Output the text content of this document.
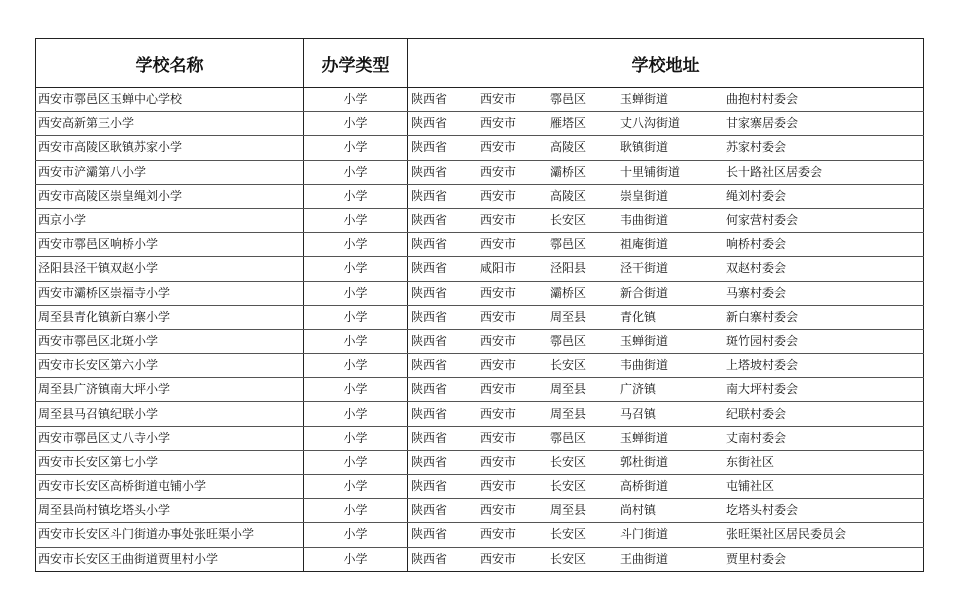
学校名称	办学类型	学校地址
西安市鄠邑区玉蝉中心学校	小学	陕西省 西安市 鄠邑区 玉蝉街道 曲抱村村委会

西安高新第三小学	小学	陕西省 西安市 雁塔区 丈八沟街道 甘家寨居委会

西安市高陵区耿镇苏家小学	小学	陕西省 西安市 高陵区 耿镇街道 苏家村委会

西安市浐灞第八小学	小学	陕西省 西安市 灞桥区 十里铺街道 长十路社区居委会

西安市高陵区崇皇绳刘小学	小学	陕西省 西安市 高陵区 崇皇街道 绳刘村委会

西京小学	小学	陕西省 西安市 长安区 韦曲街道 何家营村委会

西安市鄠邑区响桥小学	小学	陕西省 西安市 鄠邑区 祖庵街道 响桥村委会

泾阳县泾干镇双赵小学	小学	陕西省 咸阳市 泾阳县 泾干街道 双赵村委会

西安市灞桥区崇福寺小学	小学	陕西省 西安市 灞桥区 新合街道 马寨村委会

周至县青化镇新白寨小学	小学	陕西省 西安市 周至县 青化镇 新白寨村委会

西安市鄠邑区北斑小学	小学	陕西省 西安市 鄠邑区 玉蝉街道 斑竹园村委会

西安市长安区第六小学	小学	陕西省 西安市 长安区 韦曲街道 上塔坡村委会

周至县广济镇南大坪小学	小学	陕西省 西安市 周至县 广济镇 南大坪村委会

周至县马召镇纪联小学	小学	陕西省 西安市 周至县 马召镇 纪联村委会

西安市鄠邑区丈八寺小学	小学	陕西省 西安市 鄠邑区 玉蝉街道 丈南村委会

西安市长安区第七小学	小学	陕西省 西安市 长安区 郭杜街道 东街社区

西安市长安区高桥街道屯铺小学	小学	陕西省 西安市 长安区 高桥街道 屯铺社区

周至县尚村镇圪塔头小学	小学	陕西省 西安市 周至县 尚村镇 圪塔头村委会

西安市长安区斗门街道办事处张旺渠小学	小学	陕西省 西安市 长安区 斗门街道 张旺渠社区居民委员会

西安市长安区王曲街道贾里村小学	小学	陕西省 西安市 长安区 王曲街道 贾里村委会
